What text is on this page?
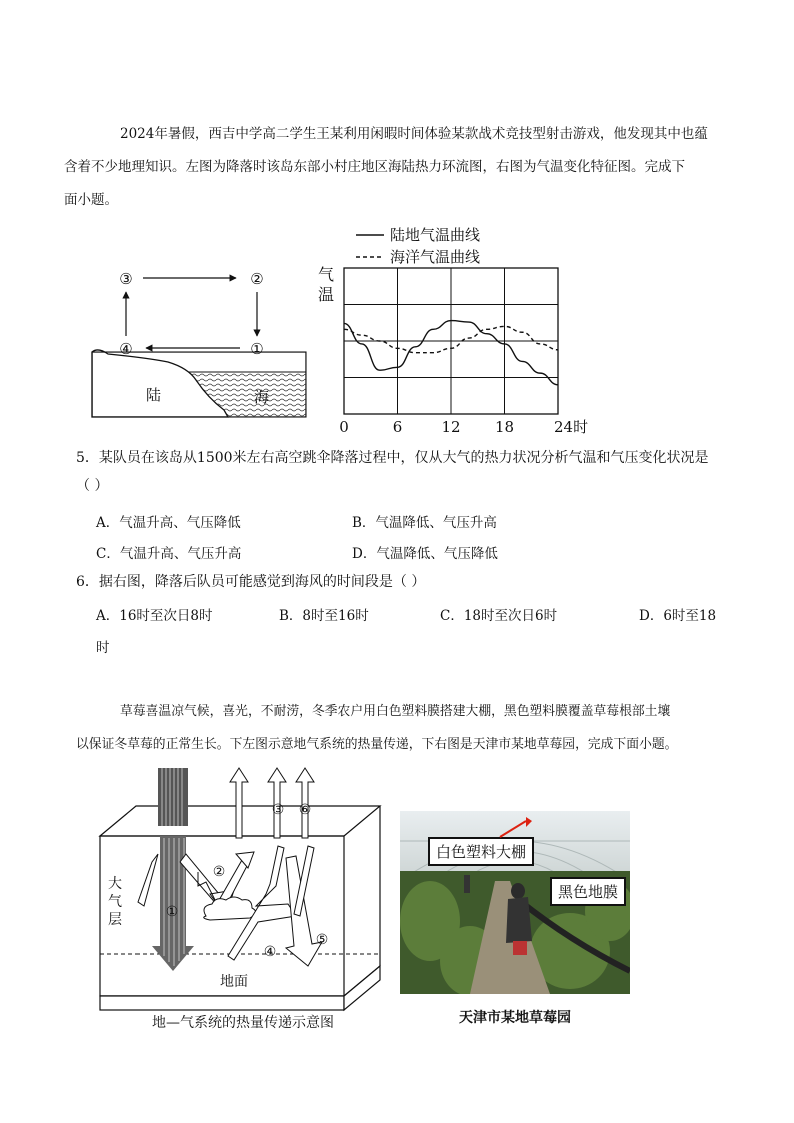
2024年暑假，西吉中学高二学生王某利用闲暇时间体验某款战术竞技型射击游戏，他发现其中也蕴
含着不少地理知识。左图为降落时该岛东部小村庄地区海陆热力环流图，右图为气温变化特征图。完成下
面小题。
③	②
④	①
陆	海
陆地气温曲线
海洋气温曲线
气
温
0	6	12 18	24时
5．某队员在该岛从1500米左右高空跳伞降落过程中，仅从大气的热力状况分析气温和气压变化状况是
（ ）
A．气温升高、气压降低	B．气温降低、气压升高
C．气温升高、气压升高	D．气温降低、气压降低
6．据右图，降落后队员可能感觉到海风的时间段是（ ）
A．16时至次日8时	B．8时至16时	C．18时至次日6时	D．6时至18
时
草莓喜温凉气候，喜光，不耐涝，冬季农户用白色塑料膜搭建大棚，黑色塑料膜覆盖草莓根部土壤
以保证冬草莓的正常生长。下左图示意地气系统的热量传递，下右图是天津市某地草莓园，完成下面小题。
③ ⑥
②
①
④
⑤
大
气
层
地面
地—气系统的热量传递示意图
白色塑料大棚
黑色地膜
天津市某地草莓园
